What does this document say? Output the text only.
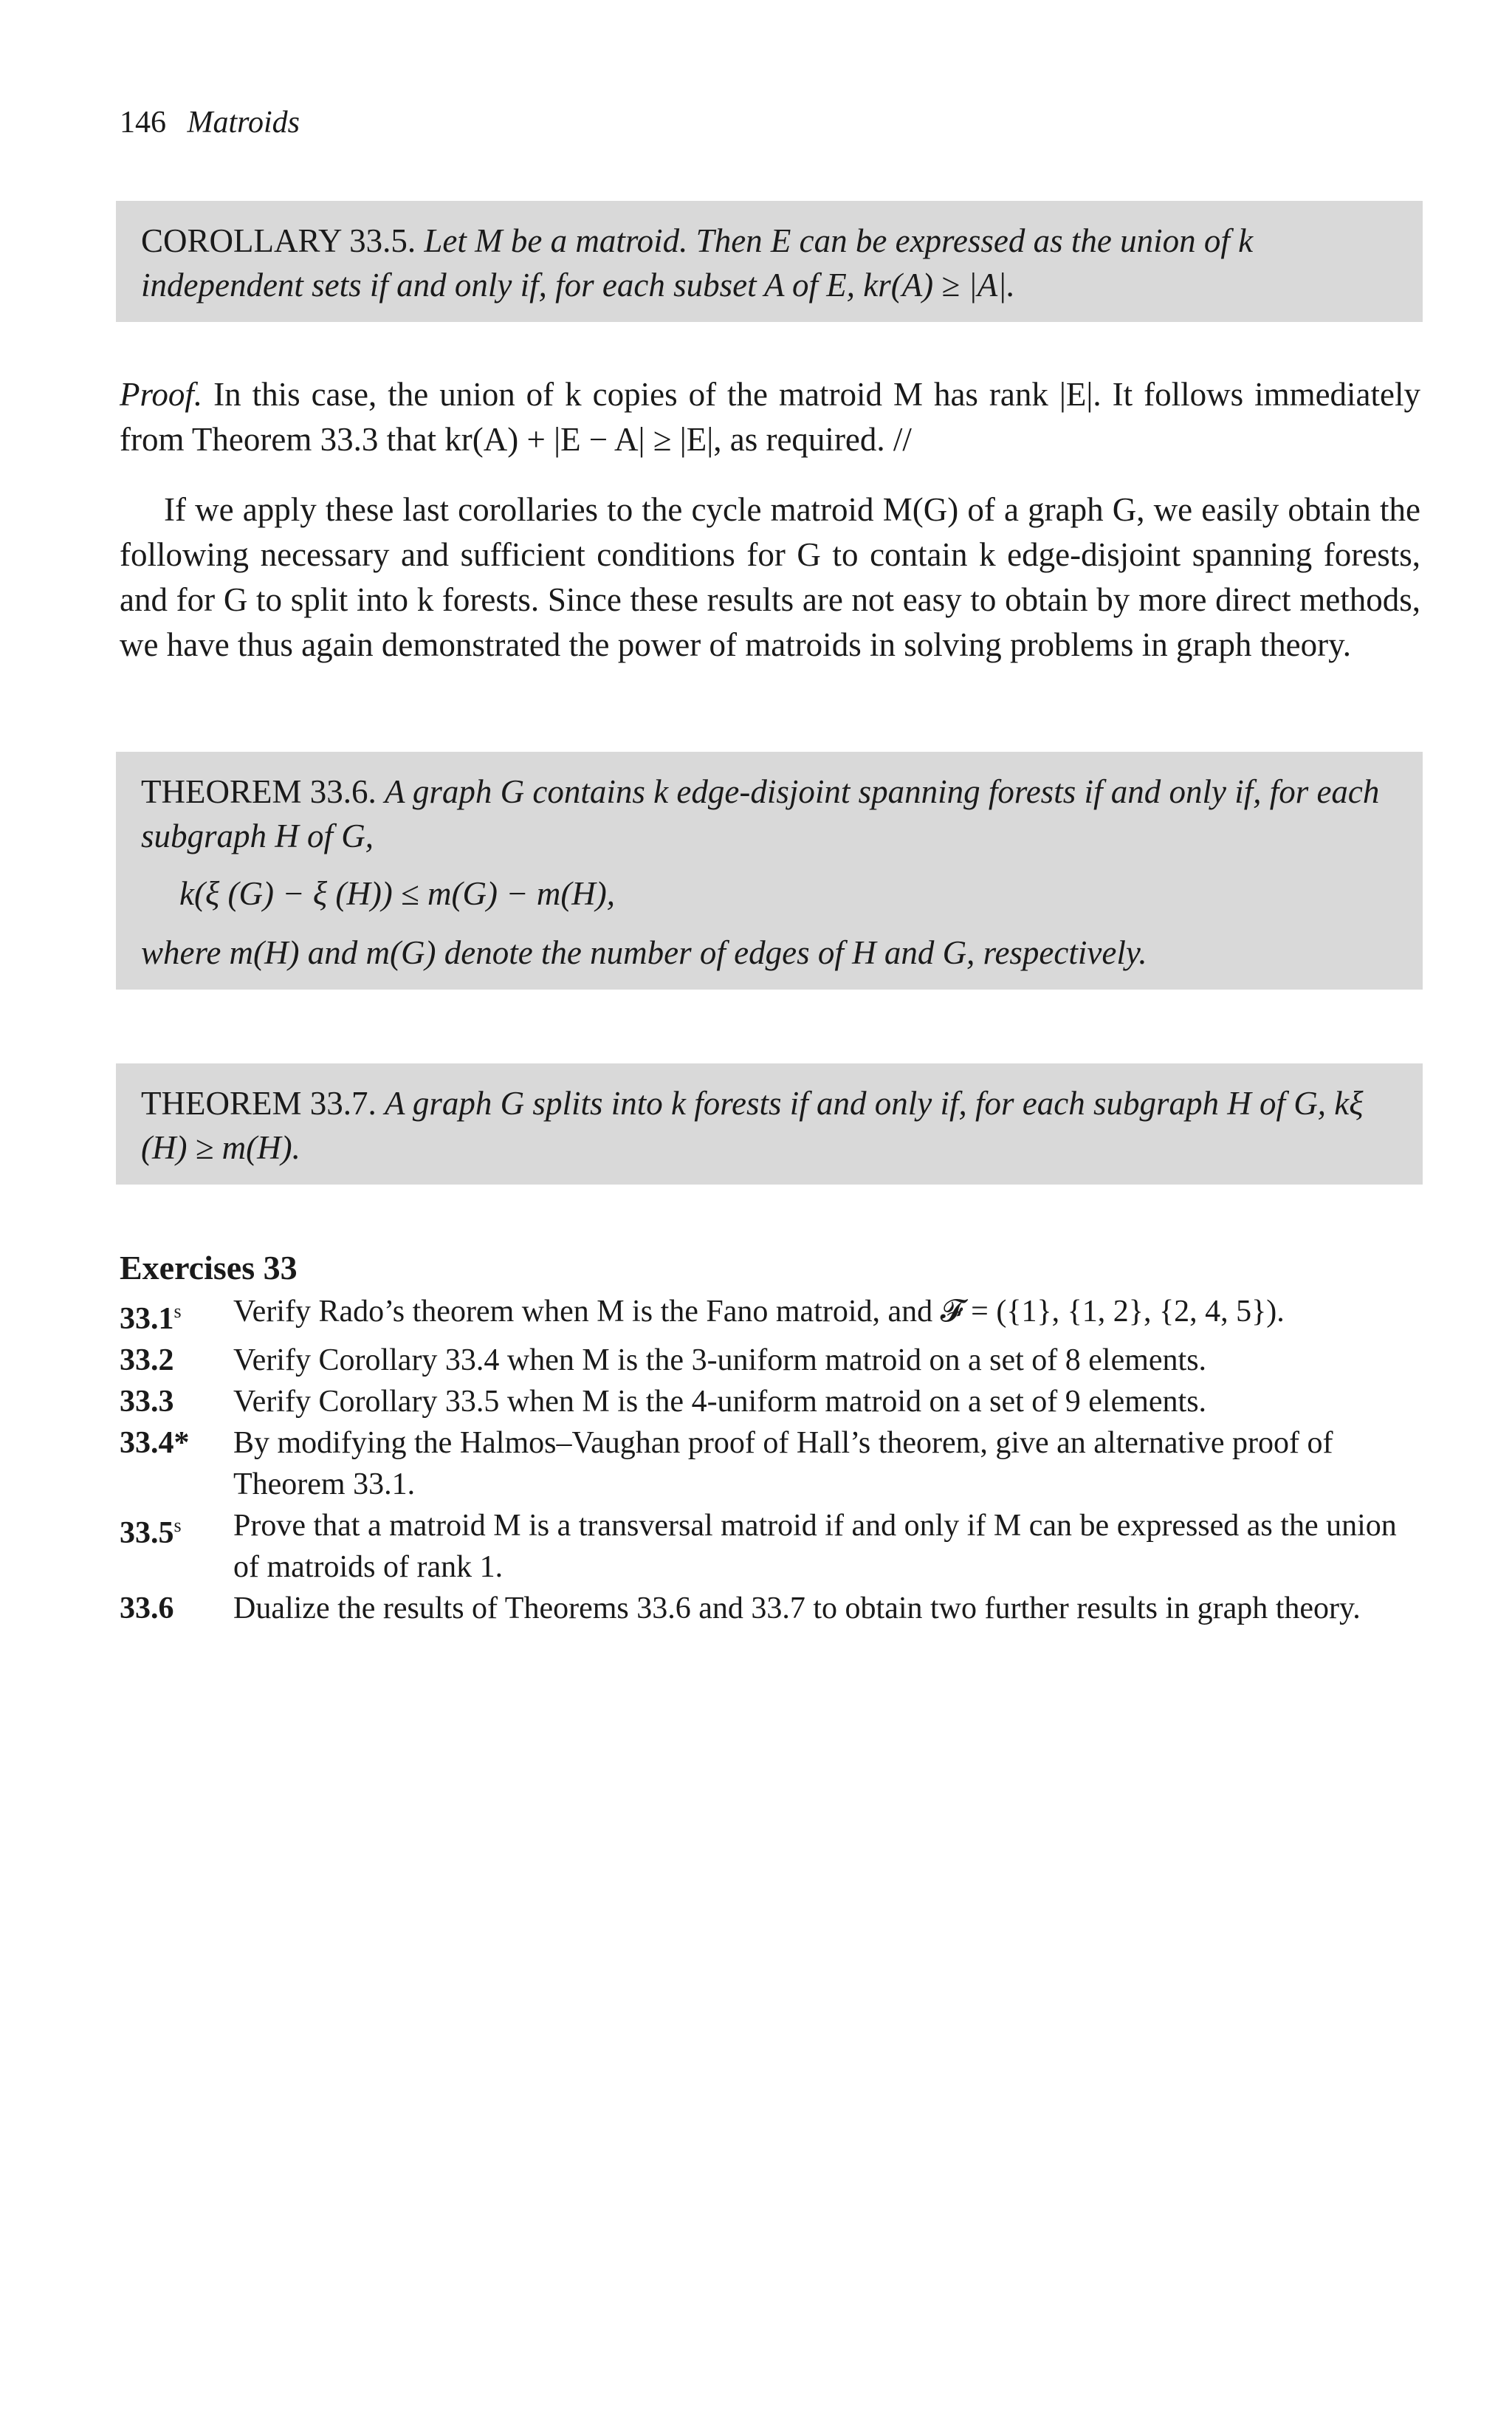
146 Matroids
COROLLARY 33.5. Let M be a matroid. Then E can be expressed as the union of k independent sets if and only if, for each subset A of E, kr(A) ≥ |A|.
Proof. In this case, the union of k copies of the matroid M has rank |E|. It follows immediately from Theorem 33.3 that kr(A) + |E − A| ≥ |E|, as required. //
If we apply these last corollaries to the cycle matroid M(G) of a graph G, we easily obtain the following necessary and sufficient conditions for G to contain k edge-disjoint spanning forests, and for G to split into k forests. Since these results are not easy to obtain by more direct methods, we have thus again demonstrated the power of matroids in solving problems in graph theory.
THEOREM 33.6. A graph G contains k edge-disjoint spanning forests if and only if, for each subgraph H of G,
k(ξ (G) − ξ (H)) ≤ m(G) − m(H),
where m(H) and m(G) denote the number of edges of H and G, respectively.
THEOREM 33.7. A graph G splits into k forests if and only if, for each subgraph H of G, kξ (H) ≥ m(H).
Exercises 33
33.1$^s$	Verify Rado’s theorem when M is the Fano matroid, and 𝓕 = ({1}, {1, 2}, {2, 4, 5}).
33.2	Verify Corollary 33.4 when M is the 3-uniform matroid on a set of 8 elements.
33.3	Verify Corollary 33.5 when M is the 4-uniform matroid on a set of 9 elements.
33.4*	By modifying the Halmos–Vaughan proof of Hall’s theorem, give an alternative proof of Theorem 33.1.
33.5$^s$	Prove that a matroid M is a transversal matroid if and only if M can be expressed as the union of matroids of rank 1.
33.6	Dualize the results of Theorems 33.6 and 33.7 to obtain two further results in graph theory.
